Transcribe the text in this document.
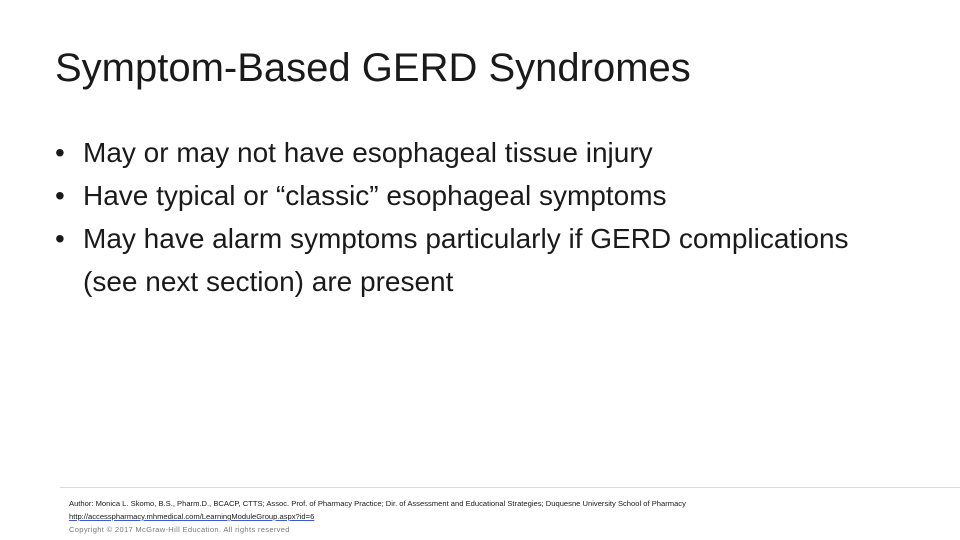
Symptom-Based GERD Syndromes
• May or may not have esophageal tissue injury
• Have typical or “classic” esophageal symptoms
• May have alarm symptoms particularly if GERD complications (see next section) are present
Author: Monica L. Skomo, B.S., Pharm.D., BCACP, CTTS; Assoc. Prof. of Pharmacy Practice; Dir. of Assessment and Educational Strategies; Duquesne University School of Pharmacy
http://accesspharmacy.mhmedical.com/LearningModuleGroup.aspx?id=6
Copyright © 2017 McGraw-Hill Education. All rights reserved
